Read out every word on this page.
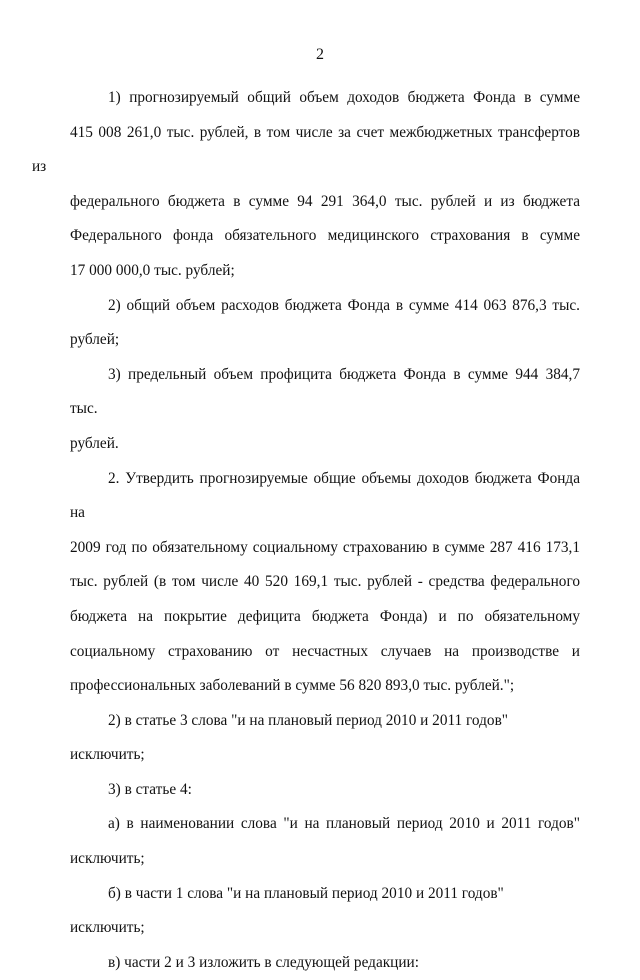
2

1) прогнозируемый общий объем доходов бюджета Фонда в сумме
415 008 261,0 тыс. рублей, в том числе за счет межбюджетных трансфертов из
федерального бюджета в сумме 94 291 364,0 тыс. рублей и из бюджета
Федерального фонда обязательного медицинского страхования в сумме
17 000 000,0 тыс. рублей;

2) общий объем расходов бюджета Фонда в сумме 414 063 876,3 тыс.
рублей;

3) предельный объем профицита бюджета Фонда в сумме 944 384,7 тыс.
рублей.

2. Утвердить прогнозируемые общие объемы доходов бюджета Фонда на
2009 год по обязательному социальному страхованию в сумме 287 416 173,1
тыс. рублей (в том числе 40 520 169,1 тыс. рублей - средства федерального
бюджета на покрытие дефицита бюджета Фонда) и по обязательному
социальному страхованию от несчастных случаев на производстве и
профессиональных заболеваний в сумме 56 820 893,0 тыс. рублей.";

2) в статье 3 слова "и на плановый период 2010 и 2011 годов" исключить;

3) в статье 4:

а) в наименовании слова "и на плановый период 2010 и 2011 годов"
исключить;

б) в части 1 слова "и на плановый период 2010 и 2011 годов" исключить;

в) части 2 и 3 изложить в следующей редакции:
